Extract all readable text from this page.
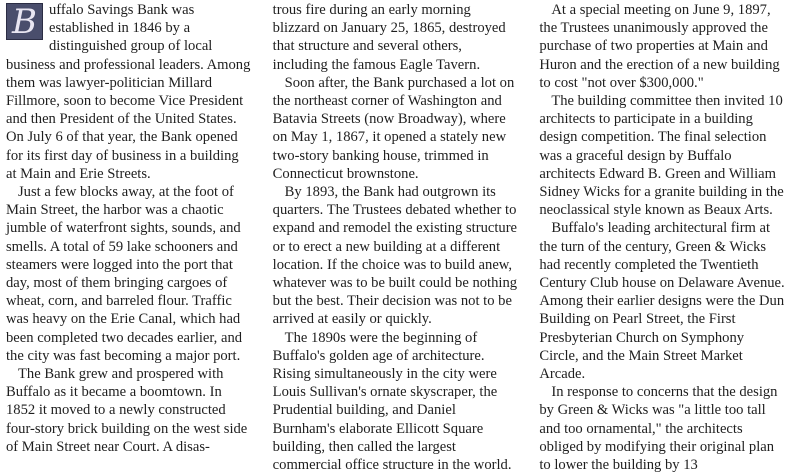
B uffalo Savings Bank was established in 1846 by a distinguished group of local business and professional leaders. Among them was lawyer-politician Millard Fillmore, soon to become Vice President and then President of the United States. On July 6 of that year, the Bank opened for its first day of business in a building at Main and Erie Streets.

Just a few blocks away, at the foot of Main Street, the harbor was a chaotic jumble of waterfront sights, sounds, and smells. A total of 59 lake schooners and steamers were logged into the port that day, most of them bringing cargoes of wheat, corn, and barreled flour. Traffic was heavy on the Erie Canal, which had been completed two decades earlier, and the city was fast becoming a major port.

The Bank grew and prospered with Buffalo as it became a boomtown. In 1852 it moved to a newly constructed four-story brick building on the west side of Main Street near Court. A disas-

trous fire during an early morning blizzard on January 25, 1865, destroyed that structure and several others, including the famous Eagle Tavern.

Soon after, the Bank purchased a lot on the northeast corner of Washington and Batavia Streets (now Broadway), where on May 1, 1867, it opened a stately new two-story banking house, trimmed in Connecticut brownstone.

By 1893, the Bank had outgrown its quarters. The Trustees debated whether to expand and remodel the existing structure or to erect a new building at a different location. If the choice was to build anew, whatever was to be built could be nothing but the best. Their decision was not to be arrived at easily or quickly.

The 1890s were the beginning of Buffalo's golden age of architecture. Rising simultaneously in the city were Louis Sullivan's ornate skyscraper, the Prudential building, and Daniel Burnham's elaborate Ellicott Square building, then called the largest commercial office structure in the world.

At a special meeting on June 9, 1897, the Trustees unanimously approved the purchase of two properties at Main and Huron and the erection of a new building to cost "not over $300,000."

The building committee then invited 10 architects to participate in a building design competition. The final selection was a graceful design by Buffalo architects Edward B. Green and William Sidney Wicks for a granite building in the neoclassical style known as Beaux Arts.

Buffalo's leading architectural firm at the turn of the century, Green & Wicks had recently completed the Twentieth Century Club house on Delaware Avenue. Among their earlier designs were the Dun Building on Pearl Street, the First Presbyterian Church on Symphony Circle, and the Main Street Market Arcade.

In response to concerns that the design by Green & Wicks was "a little too tall and too ornamental," the architects obliged by modifying their original plan to lower the building by 13
